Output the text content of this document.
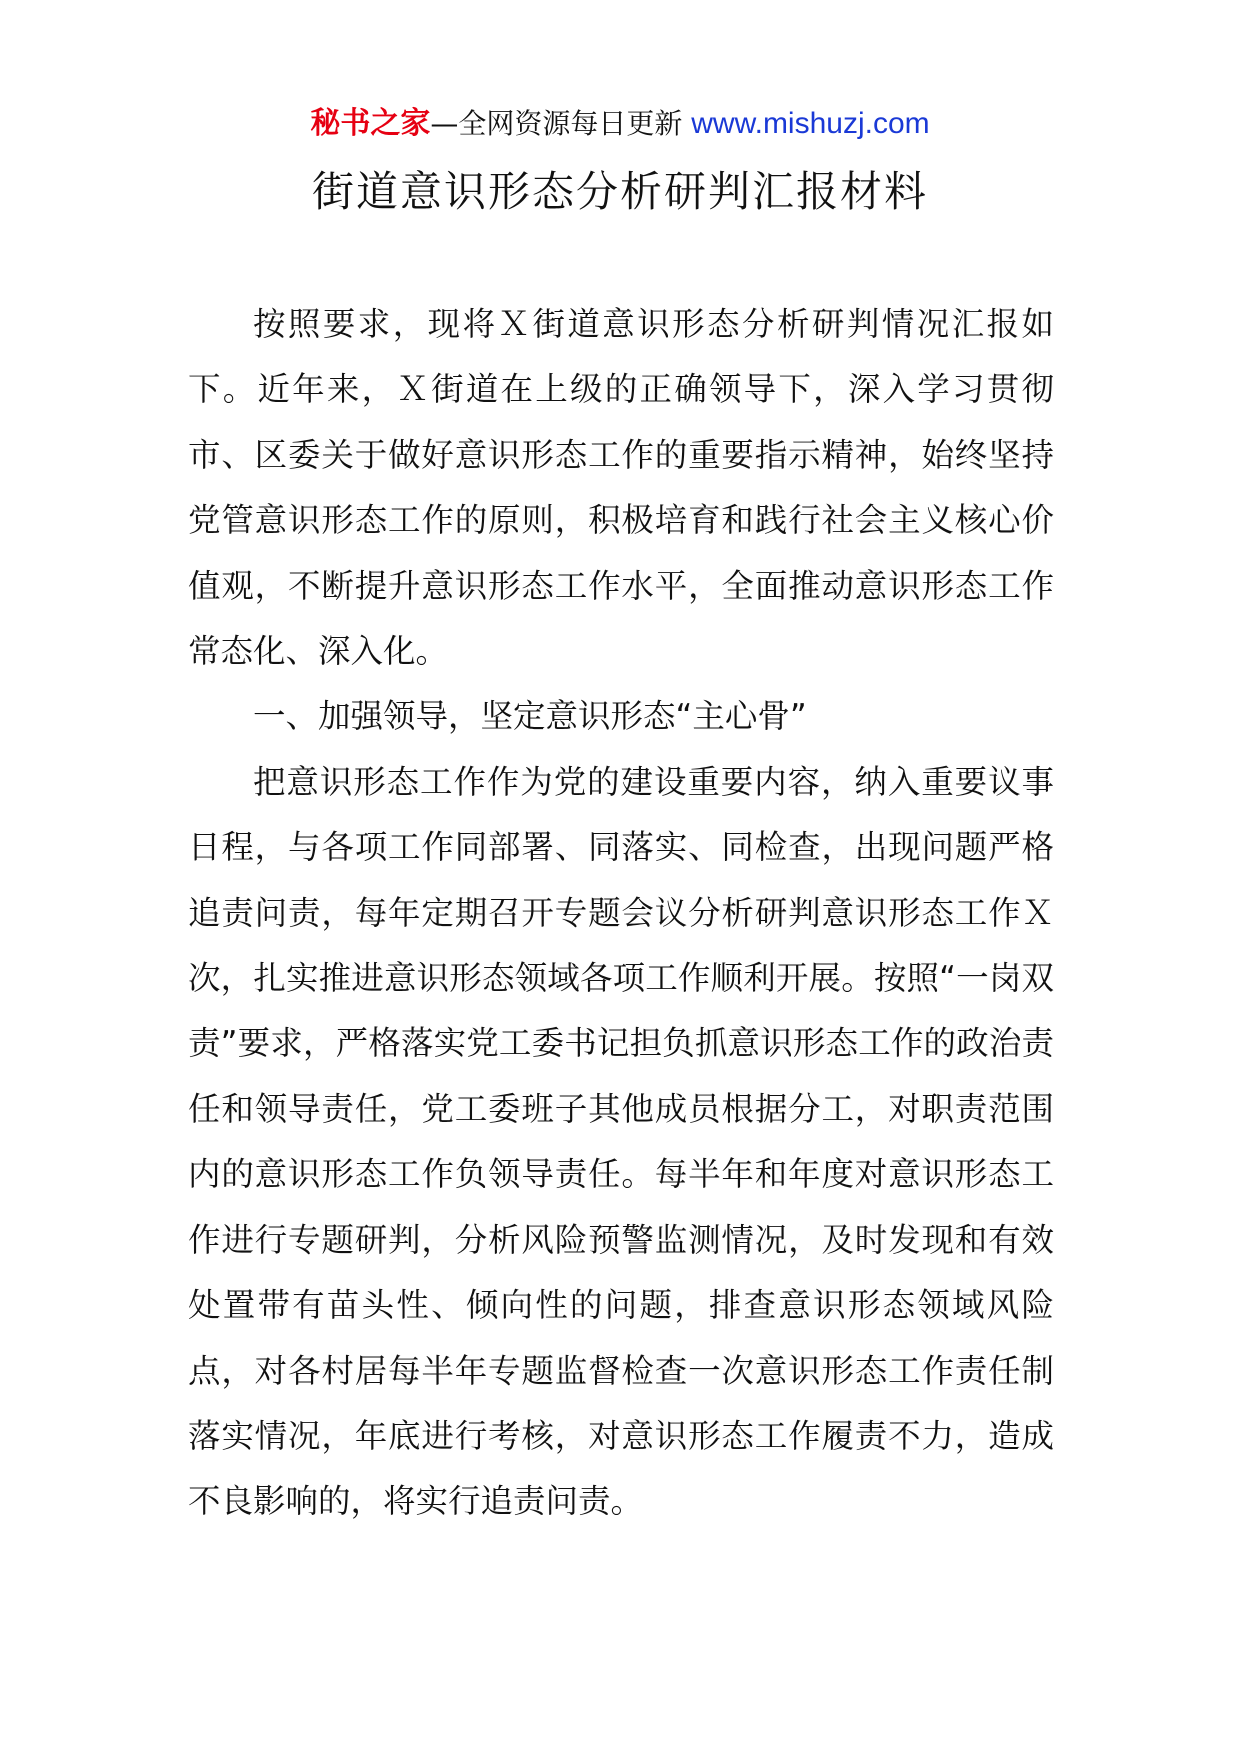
秘书之家—全网资源每日更新 www.mishuzj.com
街道意识形态分析研判汇报材料

按照要求，现将Ｘ街道意识形态分析研判情况汇报如下。近年来，Ｘ街道在上级的正确领导下，深入学习贯彻市、区委关于做好意识形态工作的重要指示精神，始终坚持党管意识形态工作的原则，积极培育和践行社会主义核心价值观，不断提升意识形态工作水平，全面推动意识形态工作常态化、深入化。

一、加强领导，坚定意识形态“主心骨”

把意识形态工作作为党的建设重要内容，纳入重要议事日程，与各项工作同部署、同落实、同检查，出现问题严格追责问责，每年定期召开专题会议分析研判意识形态工作Ｘ次，扎实推进意识形态领域各项工作顺利开展。按照“一岗双责”要求，严格落实党工委书记担负抓意识形态工作的政治责任和领导责任，党工委班子其他成员根据分工，对职责范围内的意识形态工作负领导责任。每半年和年度对意识形态工作进行专题研判，分析风险预警监测情况，及时发现和有效处置带有苗头性、倾向性的问题，排查意识形态领域风险点，对各村居每半年专题监督检查一次意识形态工作责任制落实情况，年底进行考核，对意识形态工作履责不力，造成不良影响的，将实行追责问责。
